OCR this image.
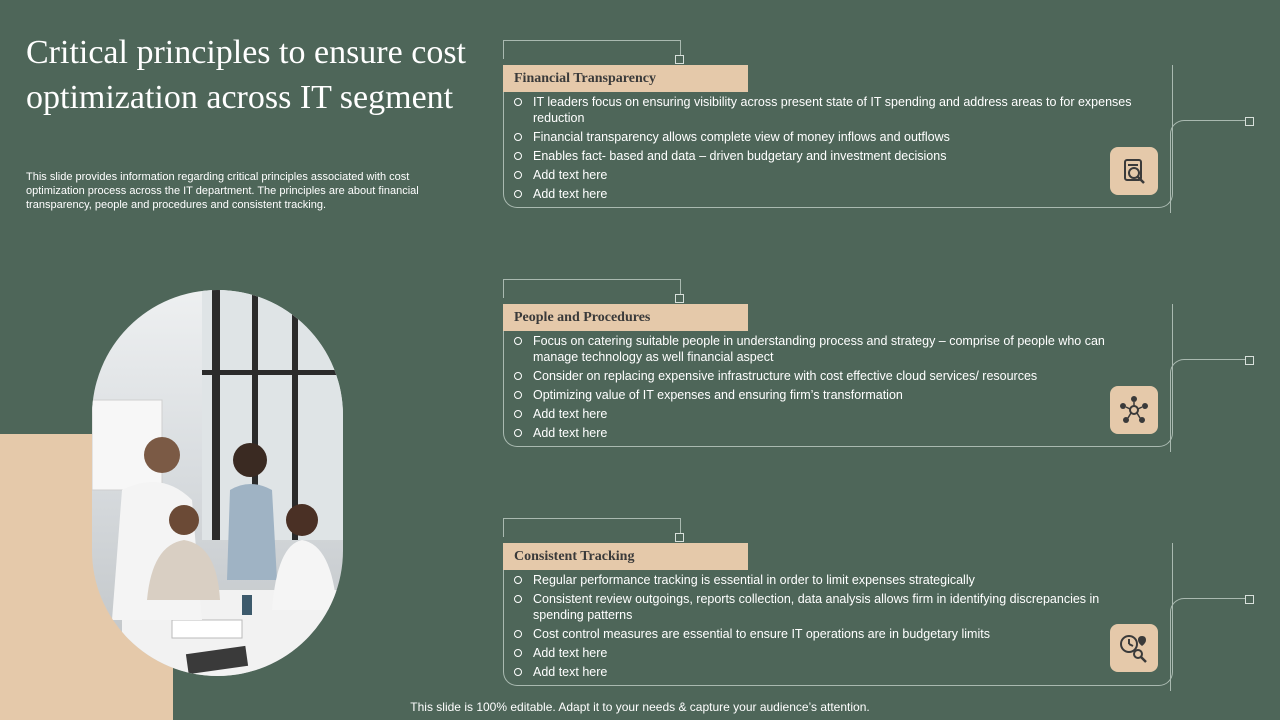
Critical principles to ensure cost optimization across IT segment

This slide provides information regarding critical principles associated with cost optimization process across the IT department. The principles are about financial transparency, people and procedures and consistent tracking.

Financial Transparency
IT leaders focus on ensuring visibility across present state of IT spending and address areas to for expenses reduction
Financial transparency allows complete view of money inflows and outflows
Enables fact- based and data – driven budgetary and investment decisions
Add text here
Add text here
People and Procedures
Focus on catering suitable people in understanding process and strategy – comprise of people who can manage technology as well financial aspect
Consider on replacing expensive infrastructure with cost effective cloud services/ resources
Optimizing value of IT expenses and ensuring firm’s transformation
Add text here
Add text here
Consistent Tracking
Regular performance tracking is essential in order to limit expenses strategically
Consistent review outgoings, reports collection, data analysis allows firm in identifying discrepancies in spending patterns
Cost control measures are essential to ensure IT operations are in budgetary limits
Add text here
Add text here
This slide is 100% editable. Adapt it to your needs & capture your audience’s attention.
